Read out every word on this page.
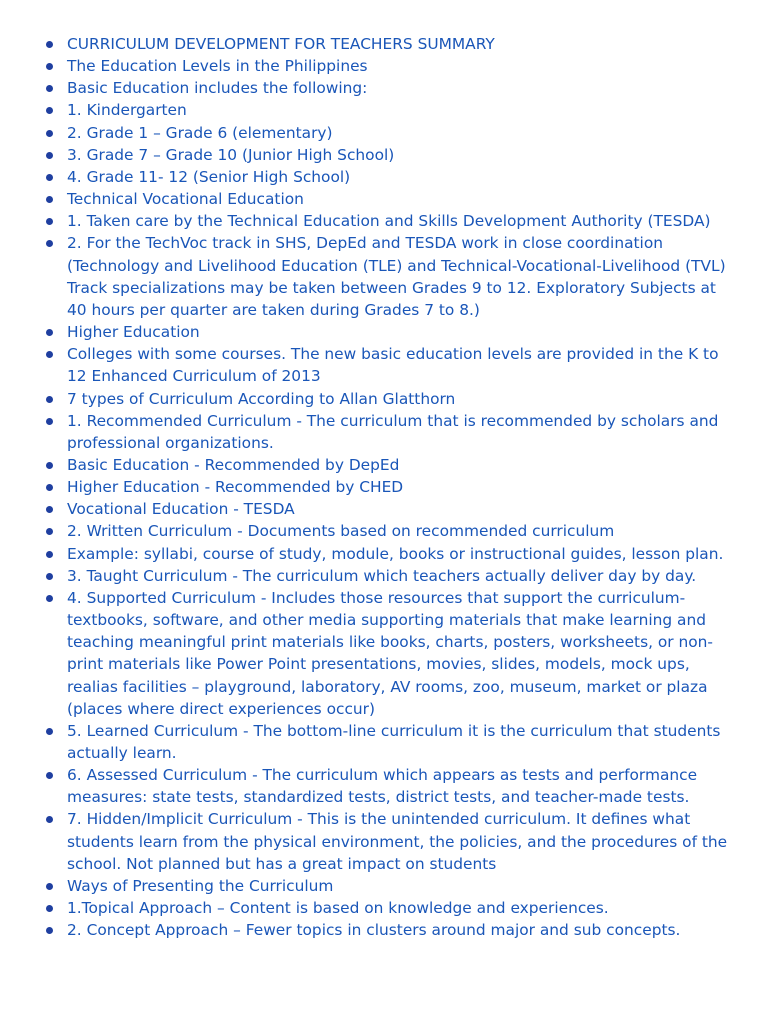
CURRICULUM DEVELOPMENT FOR TEACHERS SUMMARY
The Education Levels in the Philippines
Basic Education includes the following:
1. Kindergarten
2. Grade 1 – Grade 6 (elementary)
3. Grade 7 – Grade 10 (Junior High School)
4. Grade 11- 12 (Senior High School)
Technical Vocational Education
1. Taken care by the Technical Education and Skills Development Authority (TESDA)
2. For the TechVoc track in SHS, DepEd and TESDA work in close coordination (Technology and Livelihood Education (TLE) and Technical-Vocational-Livelihood (TVL) Track specializations may be taken between Grades 9 to 12. Exploratory Subjects at 40 hours per quarter are taken during Grades 7 to 8.)
Higher Education
Colleges with some courses. The new basic education levels are provided in the K to 12 Enhanced Curriculum of 2013
7 types of Curriculum According to Allan Glatthorn
1. Recommended Curriculum - The curriculum that is recommended by scholars and professional organizations.
Basic Education - Recommended by DepEd
Higher Education - Recommended by CHED
Vocational Education - TESDA
2. Written Curriculum - Documents based on recommended curriculum
Example: syllabi, course of study, module, books or instructional guides, lesson plan.
3. Taught Curriculum - The curriculum which teachers actually deliver day by day.
4. Supported Curriculum - Includes those resources that support the curriculum- textbooks, software, and other media supporting materials that make learning and teaching meaningful print materials like books, charts, posters, worksheets, or non-print materials like Power Point presentations, movies, slides, models, mock ups, realias facilities – playground, laboratory, AV rooms, zoo, museum, market or plaza (places where direct experiences occur)
5. Learned Curriculum - The bottom-line curriculum it is the curriculum that students actually learn.
6. Assessed Curriculum - The curriculum which appears as tests and performance measures: state tests, standardized tests, district tests, and teacher-made tests.
7. Hidden/Implicit Curriculum - This is the unintended curriculum. It defines what students learn from the physical environment, the policies, and the procedures of the school. Not planned but has a great impact on students
Ways of Presenting the Curriculum
1.Topical Approach – Content is based on knowledge and experiences.
2. Concept Approach – Fewer topics in clusters around major and sub concepts.
